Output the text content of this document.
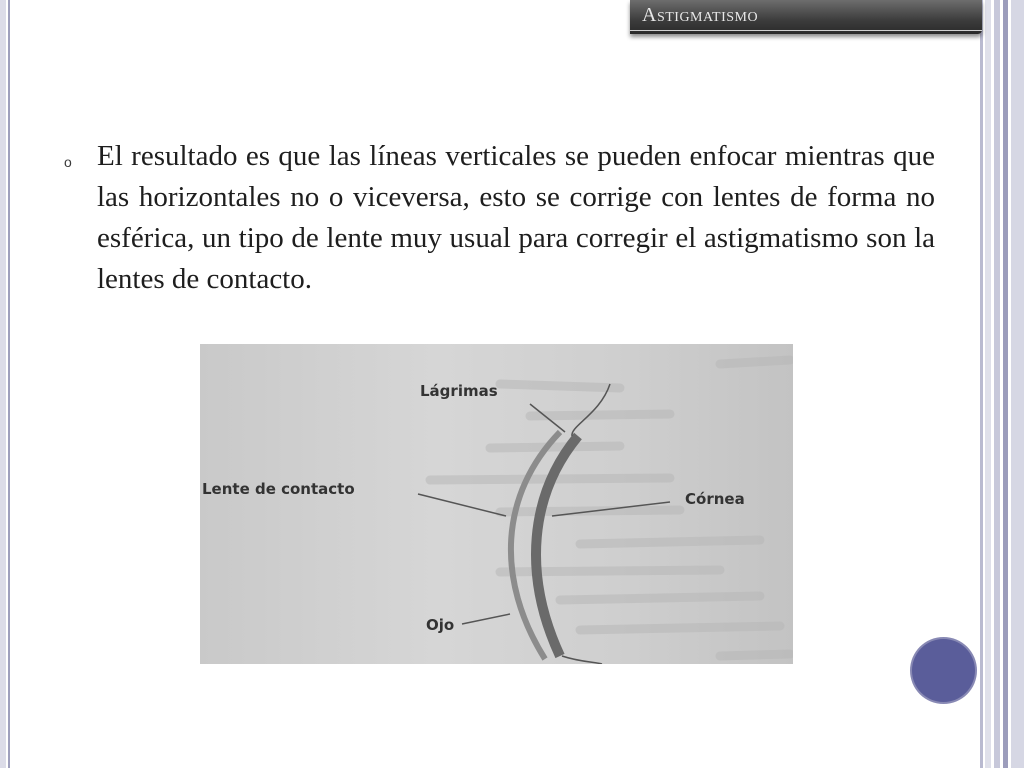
Astigmatismo
o El resultado es que las líneas verticales se pueden enfocar mientras que las horizontales no o viceversa, esto se corrige con lentes de forma no esférica, un tipo de lente muy usual para corregir el astigmatismo son la lentes de contacto.
Lágrimas
Lente de contacto
Córnea
Ojo
